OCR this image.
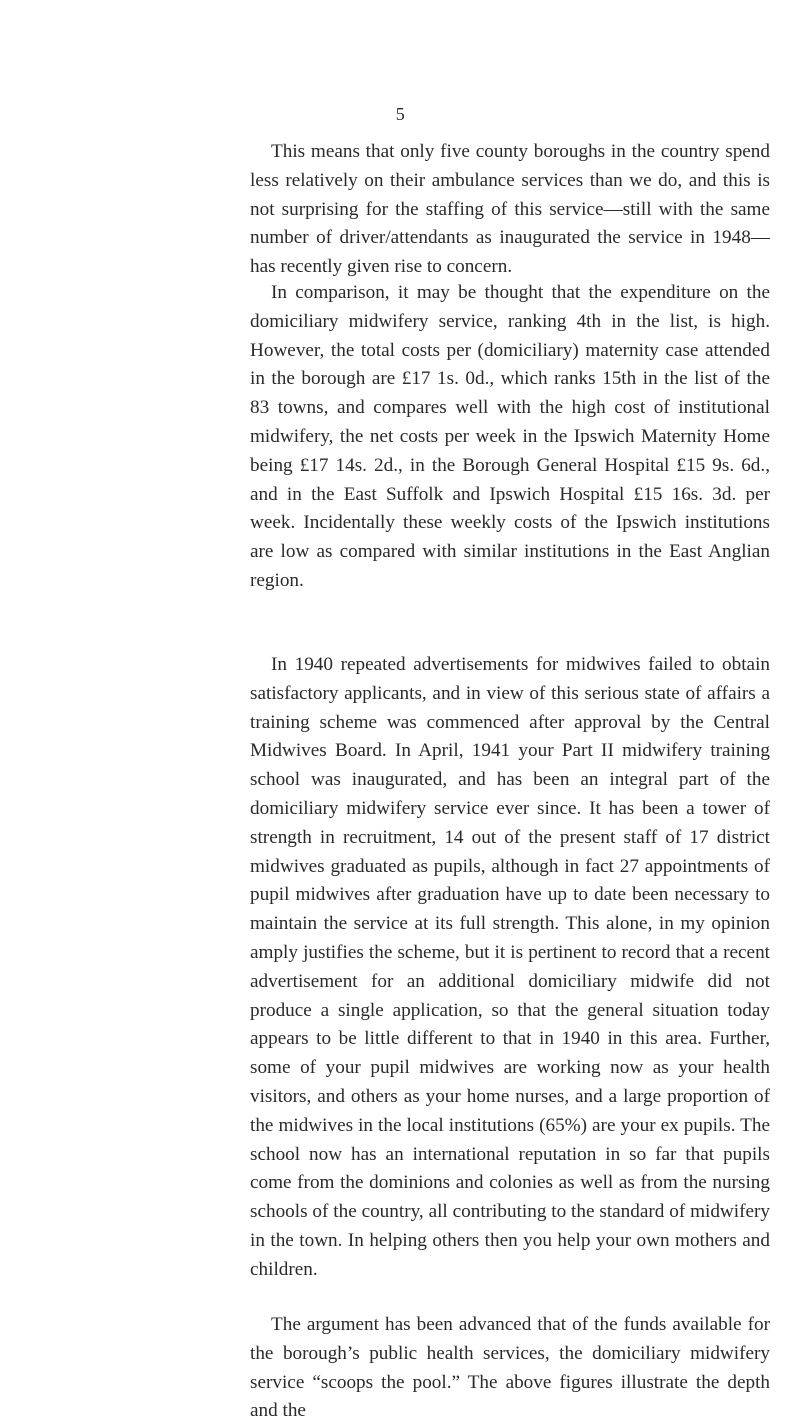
5

This means that only five county boroughs in the country spend less relatively on their ambulance services than we do, and this is not surprising for the staffing of this service—still with the same number of driver/attendants as inaugurated the service in 1948—has recently given rise to concern.

In comparison, it may be thought that the expenditure on the domiciliary midwifery service, ranking 4th in the list, is high. However, the total costs per (domiciliary) maternity case attended in the borough are £17 1s. 0d., which ranks 15th in the list of the 83 towns, and compares well with the high cost of institutional midwifery, the net costs per week in the Ipswich Maternity Home being £17 14s. 2d., in the Borough General Hospital £15 9s. 6d., and in the East Suffolk and Ipswich Hospital £15 16s. 3d. per week. Incidentally these weekly costs of the Ipswich institutions are low as compared with similar institutions in the East Anglian region.

In 1940 repeated advertisements for midwives failed to obtain satisfactory applicants, and in view of this serious state of affairs a training scheme was commenced after approval by the Central Midwives Board. In April, 1941 your Part II midwifery training school was inaugurated, and has been an integral part of the domiciliary midwifery service ever since. It has been a tower of strength in recruitment, 14 out of the present staff of 17 district midwives graduated as pupils, although in fact 27 appointments of pupil midwives after graduation have up to date been necessary to maintain the service at its full strength. This alone, in my opinion amply justifies the scheme, but it is pertinent to record that a recent advertisement for an additional domiciliary midwife did not produce a single application, so that the general situation today appears to be little different to that in 1940 in this area. Further, some of your pupil midwives are working now as your health visitors, and others as your home nurses, and a large proportion of the midwives in the local institutions (65%) are your ex pupils. The school now has an international reputation in so far that pupils come from the dominions and colonies as well as from the nursing schools of the country, all contributing to the standard of midwifery in the town. In helping others then you help your own mothers and children.

The argument has been advanced that of the funds available for the borough’s public health services, the domiciliary midwifery service “scoops the pool.” The above figures illustrate the depth and the
